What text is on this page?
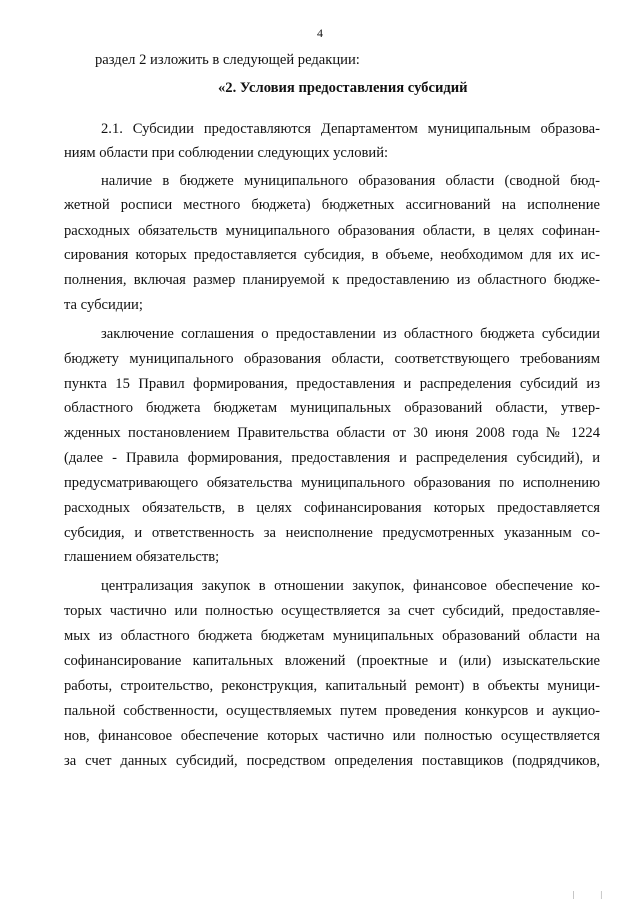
4
раздел 2 изложить в следующей редакции:
«2. Условия предоставления субсидий
2.1. Субсидии предоставляются Департаментом муниципальным образова-
ниям области при соблюдении следующих условий:
наличие в бюджете муниципального образования области (сводной бюд-
жетной росписи местного бюджета) бюджетных ассигнований на исполнение
расходных обязательств муниципального образования области, в целях софинан-
сирования которых предоставляется субсидия, в объеме, необходимом для их ис-
полнения, включая размер планируемой к предоставлению из областного бюдже-
та субсидии;
заключение соглашения о предоставлении из областного бюджета субсидии
бюджету муниципального образования области, соответствующего требованиям
пункта 15 Правил формирования, предоставления и распределения субсидий из
областного бюджета бюджетам муниципальных образований области, утвер-
жденных постановлением Правительства области от 30 июня 2008 года № 1224
(далее - Правила формирования, предоставления и распределения субсидий), и
предусматривающего обязательства муниципального образования по исполнению
расходных обязательств, в целях софинансирования которых предоставляется
субсидия, и ответственность за неисполнение предусмотренных указанным со-
глашением обязательств;
централизация закупок в отношении закупок, финансовое обеспечение ко-
торых частично или полностью осуществляется за счет субсидий, предоставляе-
мых из областного бюджета бюджетам муниципальных образований области на
софинансирование капитальных вложений (проектные и (или) изыскательские
работы, строительство, реконструкция, капитальный ремонт) в объекты муници-
пальной собственности, осуществляемых путем проведения конкурсов и аукцио-
нов, финансовое обеспечение которых частично или полностью осуществляется
за счет данных субсидий, посредством определения поставщиков (подрядчиков,
| |
